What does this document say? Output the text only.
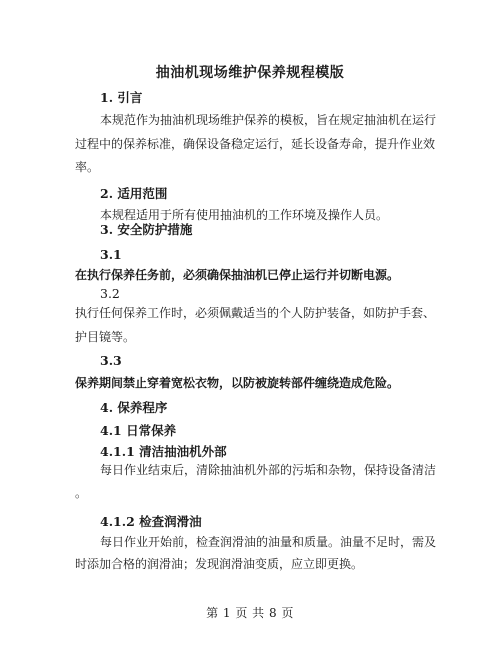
抽油机现场维护保养规程模版
1. 引言
本规范作为抽油机现场维护保养的模板，旨在规定抽油机在运行
过程中的保养标准，确保设备稳定运行，延长设备寿命，提升作业效
率。
2. 适用范围
本规程适用于所有使用抽油机的工作环境及操作人员。
3. 安全防护措施
3.1
在执行保养任务前，必须确保抽油机已停止运行并切断电源。
3.2
执行任何保养工作时，必须佩戴适当的个人防护装备，如防护手套、
护目镜等。
3.3
保养期间禁止穿着宽松衣物，以防被旋转部件缠绕造成危险。
4. 保养程序
4.1 日常保养
4.1.1 清洁抽油机外部
每日作业结束后，清除抽油机外部的污垢和杂物，保持设备清洁
。
4.1.2 检查润滑油
每日作业开始前，检查润滑油的油量和质量。油量不足时，需及
时添加合格的润滑油；发现润滑油变质，应立即更换。
第 1 页 共 8 页
